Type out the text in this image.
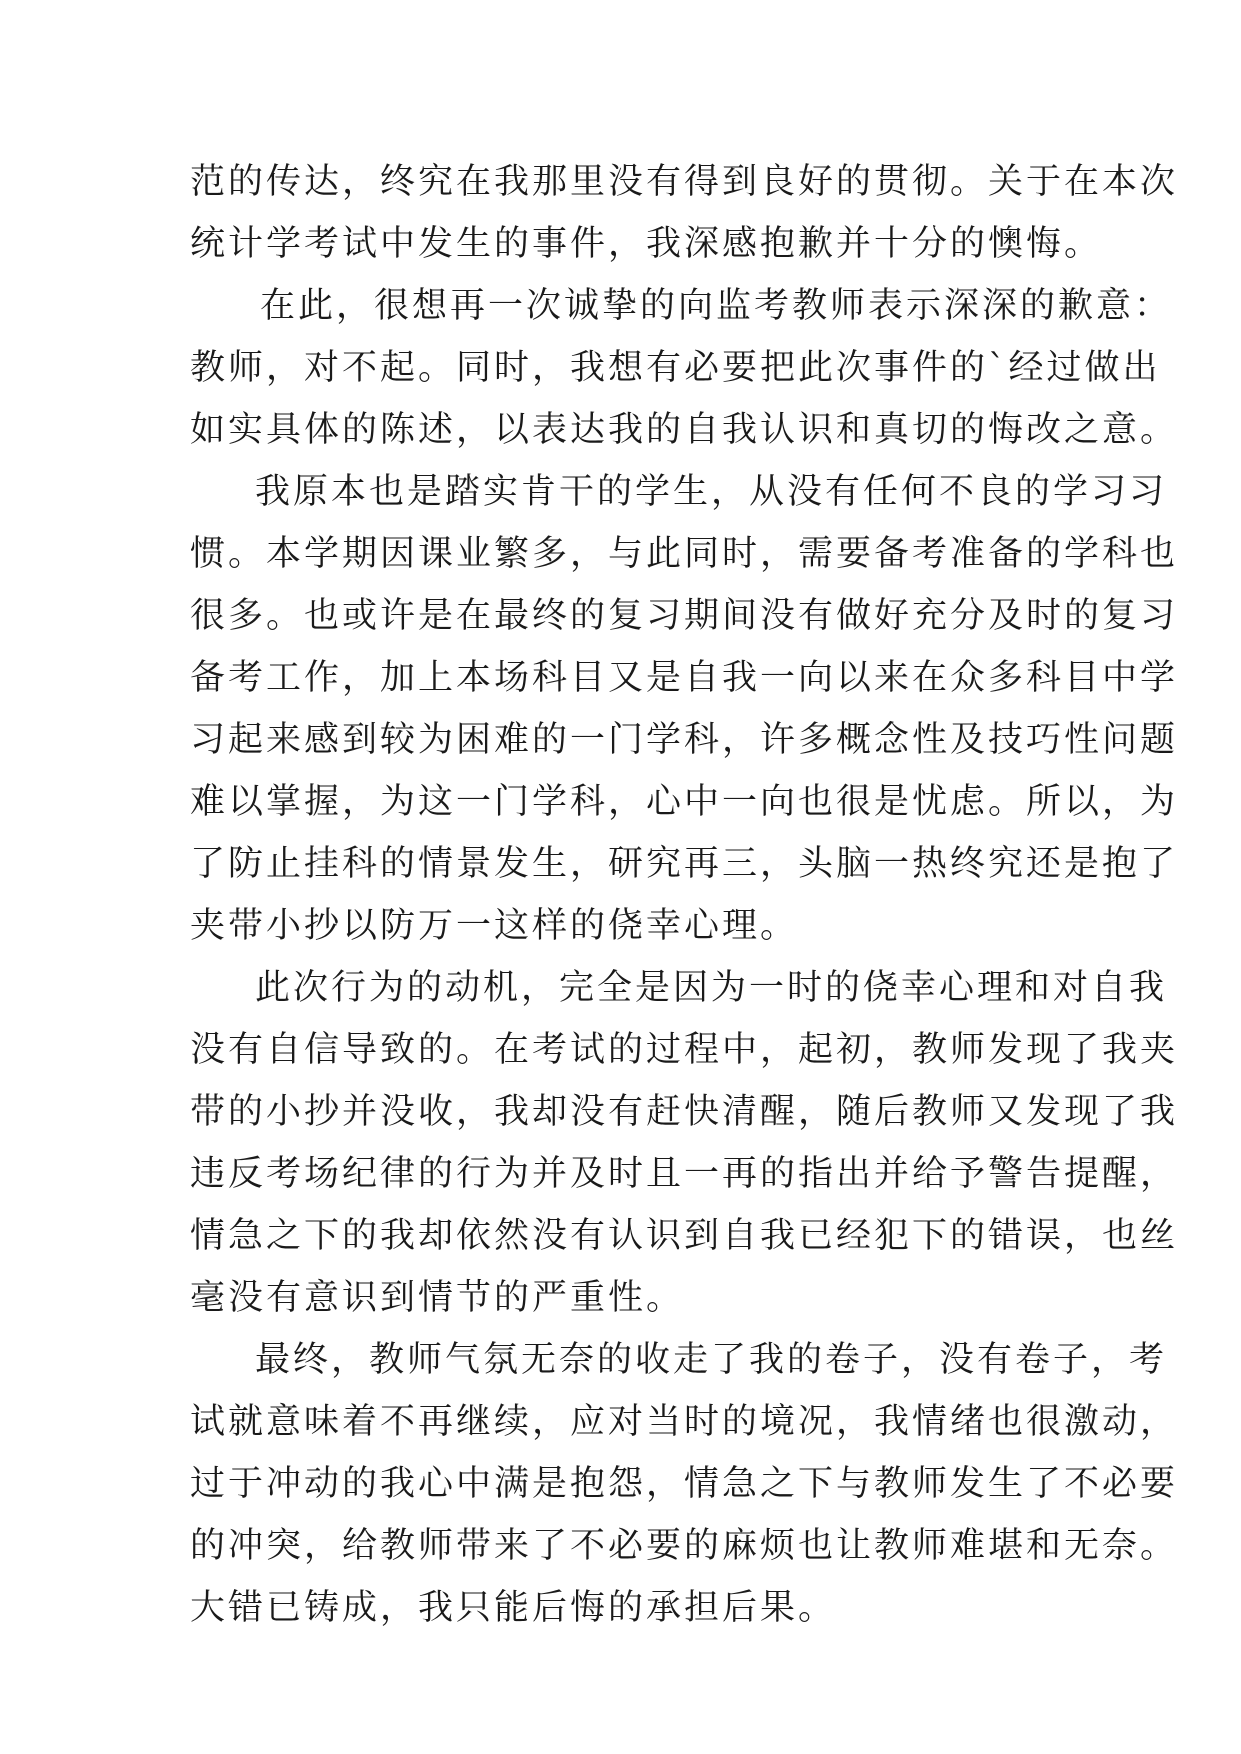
范的传达，终究在我那里没有得到良好的贯彻。关于在本次
统计学考试中发生的事件，我深感抱歉并十分的懊悔。
在此，很想再一次诚挚的向监考教师表示深深的歉意：
教师，对不起。同时，我想有必要把此次事件的`经过做出
如实具体的陈述，以表达我的自我认识和真切的悔改之意。
我原本也是踏实肯干的学生，从没有任何不良的学习习
惯。本学期因课业繁多，与此同时，需要备考准备的学科也
很多。也或许是在最终的复习期间没有做好充分及时的复习
备考工作，加上本场科目又是自我一向以来在众多科目中学
习起来感到较为困难的一门学科，许多概念性及技巧性问题
难以掌握，为这一门学科，心中一向也很是忧虑。所以，为
了防止挂科的情景发生，研究再三，头脑一热终究还是抱了
夹带小抄以防万一这样的侥幸心理。
此次行为的动机，完全是因为一时的侥幸心理和对自我
没有自信导致的。在考试的过程中，起初，教师发现了我夹
带的小抄并没收，我却没有赶快清醒，随后教师又发现了我
违反考场纪律的行为并及时且一再的指出并给予警告提醒，
情急之下的我却依然没有认识到自我已经犯下的错误，也丝
毫没有意识到情节的严重性。
最终，教师气氛无奈的收走了我的卷子，没有卷子，考
试就意味着不再继续，应对当时的境况，我情绪也很激动，
过于冲动的我心中满是抱怨，情急之下与教师发生了不必要
的冲突，给教师带来了不必要的麻烦也让教师难堪和无奈。
大错已铸成，我只能后悔的承担后果。
